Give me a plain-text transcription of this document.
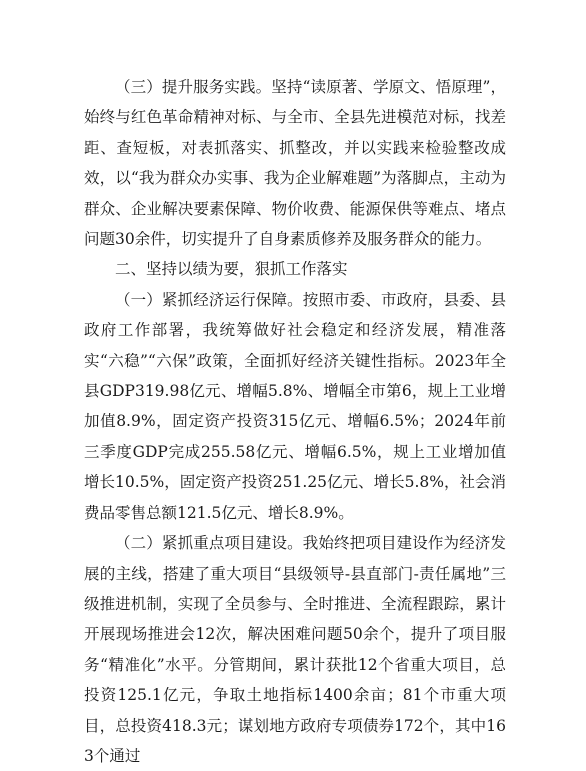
（三）提升服务实践。坚持“读原著、学原文、悟原理”，始终与红色革命精神对标、与全市、全县先进模范对标，找差距、查短板，对表抓落实、抓整改，并以实践来检验整改成效，以“我为群众办实事、我为企业解难题”为落脚点，主动为群众、企业解决要素保障、物价收费、能源保供等难点、堵点问题30余件，切实提升了自身素质修养及服务群众的能力。

二、坚持以绩为要，狠抓工作落实

（一）紧抓经济运行保障。按照市委、市政府，县委、县政府工作部署，我统筹做好社会稳定和经济发展，精准落实“六稳”“六保”政策，全面抓好经济关键性指标。2023年全县GDP319.98亿元、增幅5.8%、增幅全市第6，规上工业增加值8.9%，固定资产投资315亿元、增幅6.5%；2024年前三季度GDP完成255.58亿元、增幅6.5%，规上工业增加值增长10.5%，固定资产投资251.25亿元、增长5.8%，社会消费品零售总额121.5亿元、增长8.9%。

（二）紧抓重点项目建设。我始终把项目建设作为经济发展的主线，搭建了重大项目“县级领导-县直部门-责任属地”三级推进机制，实现了全员参与、全时推进、全流程跟踪，累计开展现场推进会12次，解决困难问题50余个，提升了项目服务“精准化”水平。分管期间，累计获批12个省重大项目，总投资125.1亿元，争取土地指标1400余亩；81个市重大项目，总投资418.3元；谋划地方政府专项债券172个，其中163个通过
